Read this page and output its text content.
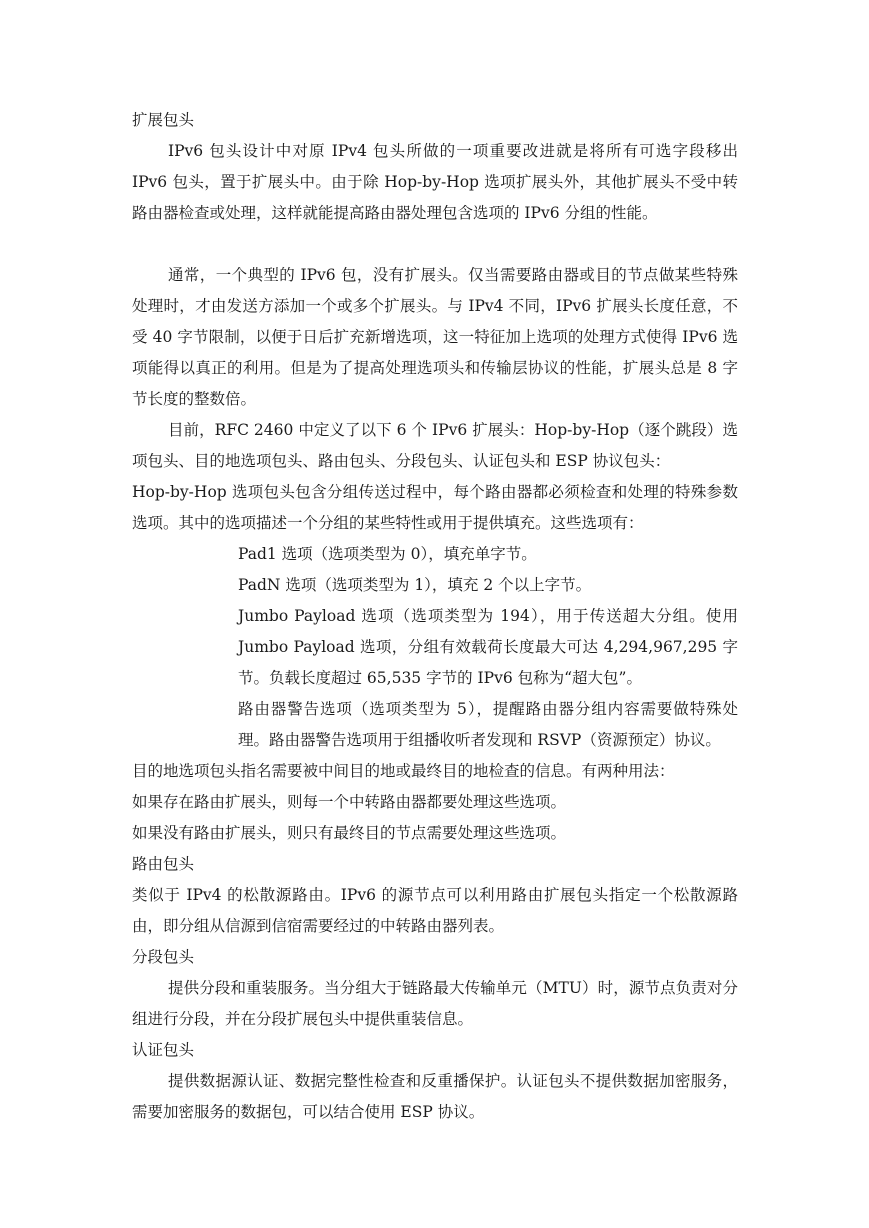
扩展包头

IPv6 包头设计中对原 IPv4 包头所做的一项重要改进就是将所有可选字段移出 IPv6 包头，置于扩展头中。由于除 Hop-by-Hop 选项扩展头外，其他扩展头不受中转路由器检查或处理，这样就能提高路由器处理包含选项的 IPv6 分组的性能。

通常，一个典型的 IPv6 包，没有扩展头。仅当需要路由器或目的节点做某些特殊处理时，才由发送方添加一个或多个扩展头。与 IPv4 不同，IPv6 扩展头长度任意，不受 40 字节限制，以便于日后扩充新增选项，这一特征加上选项的处理方式使得 IPv6 选项能得以真正的利用。但是为了提高处理选项头和传输层协议的性能，扩展头总是 8 字节长度的整数倍。

目前，RFC 2460 中定义了以下 6 个 IPv6 扩展头：Hop-by-Hop（逐个跳段）选项包头、目的地选项包头、路由包头、分段包头、认证包头和 ESP 协议包头：

Hop-by-Hop 选项包头包含分组传送过程中，每个路由器都必须检查和处理的特殊参数选项。其中的选项描述一个分组的某些特性或用于提供填充。这些选项有：

Pad1 选项（选项类型为 0），填充单字节。

PadN 选项（选项类型为 1），填充 2 个以上字节。

Jumbo Payload 选项（选项类型为 194），用于传送超大分组。使用 Jumbo Payload 选项，分组有效载荷长度最大可达 4,294,967,295 字节。负载长度超过 65,535 字节的 IPv6 包称为“超大包”。

路由器警告选项（选项类型为 5），提醒路由器分组内容需要做特殊处理。路由器警告选项用于组播收听者发现和 RSVP（资源预定）协议。

目的地选项包头指名需要被中间目的地或最终目的地检查的信息。有两种用法：

如果存在路由扩展头，则每一个中转路由器都要处理这些选项。

如果没有路由扩展头，则只有最终目的节点需要处理这些选项。

路由包头

类似于 IPv4 的松散源路由。IPv6 的源节点可以利用路由扩展包头指定一个松散源路由，即分组从信源到信宿需要经过的中转路由器列表。

分段包头

提供分段和重装服务。当分组大于链路最大传输单元（MTU）时，源节点负责对分组进行分段，并在分段扩展包头中提供重装信息。

认证包头

提供数据源认证、数据完整性检查和反重播保护。认证包头不提供数据加密服务，需要加密服务的数据包，可以结合使用 ESP 协议。
